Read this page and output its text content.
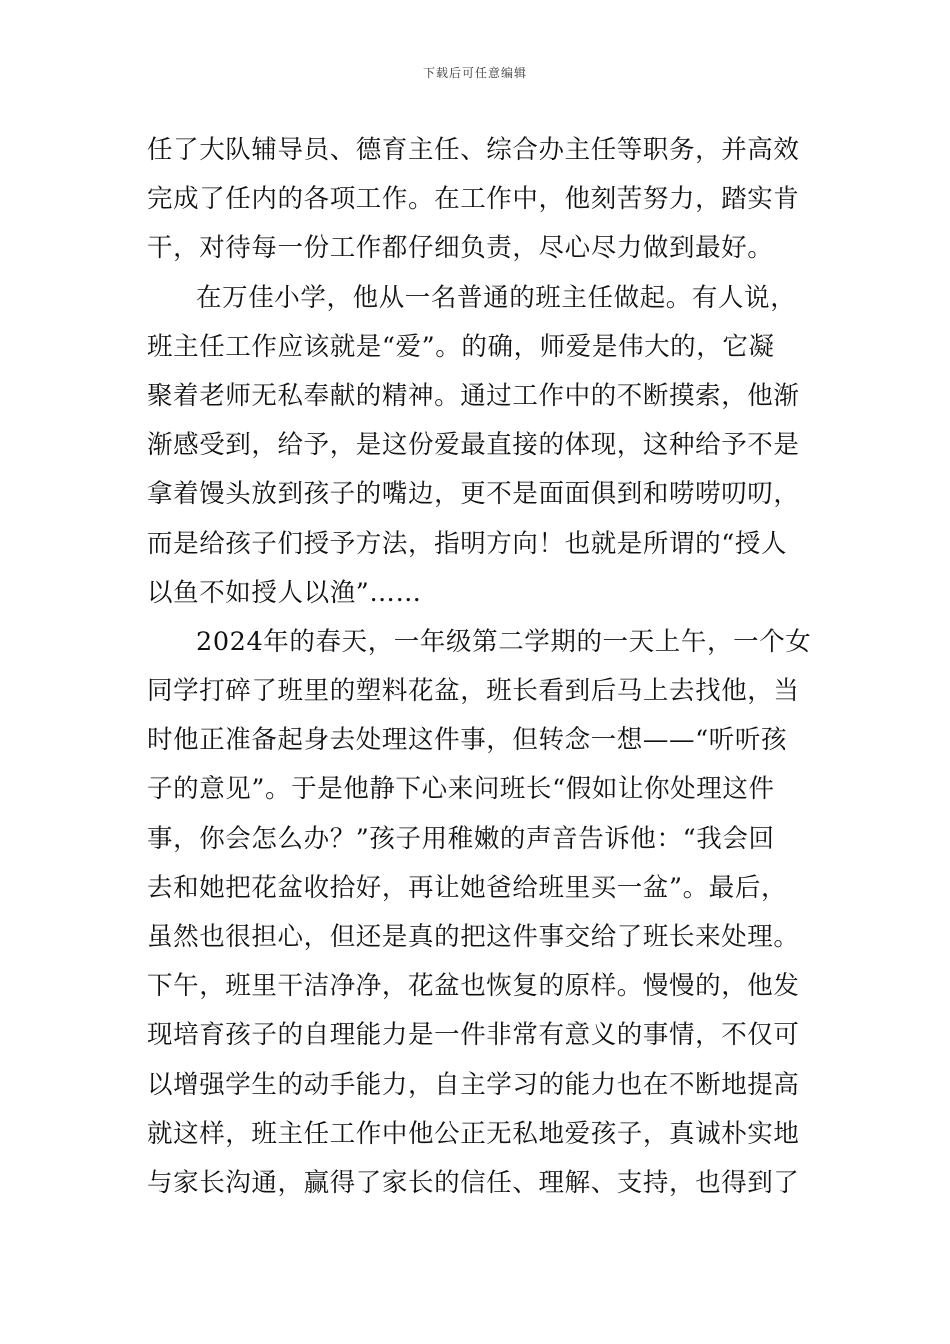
下载后可任意编辑
任了大队辅导员、德育主任、综合办主任等职务，并高效
完成了任内的各项工作。在工作中，他刻苦努力，踏实肯
干，对待每一份工作都仔细负责，尽心尽力做到最好。
在万佳小学，他从一名普通的班主任做起。有人说，
班主任工作应该就是“爱”。的确，师爱是伟大的，它凝
聚着老师无私奉献的精神。通过工作中的不断摸索，他渐
渐感受到，给予，是这份爱最直接的体现，这种给予不是
拿着馒头放到孩子的嘴边，更不是面面俱到和唠唠叨叨，
而是给孩子们授予方法，指明方向！也就是所谓的“授人
以鱼不如授人以渔”……
2024年的春天，一年级第二学期的一天上午，一个女
同学打碎了班里的塑料花盆，班长看到后马上去找他，当
时他正准备起身去处理这件事，但转念一想——“听听孩
子的意见”。于是他静下心来问班长“假如让你处理这件
事，你会怎么办？”孩子用稚嫩的声音告诉他：“我会回
去和她把花盆收拾好，再让她爸给班里买一盆”。最后，
虽然也很担心，但还是真的把这件事交给了班长来处理。
下午，班里干洁净净，花盆也恢复的原样。慢慢的，他发
现培育孩子的自理能力是一件非常有意义的事情，不仅可
以增强学生的动手能力，自主学习的能力也在不断地提高
就这样，班主任工作中他公正无私地爱孩子，真诚朴实地
与家长沟通，赢得了家长的信任、理解、支持，也得到了
